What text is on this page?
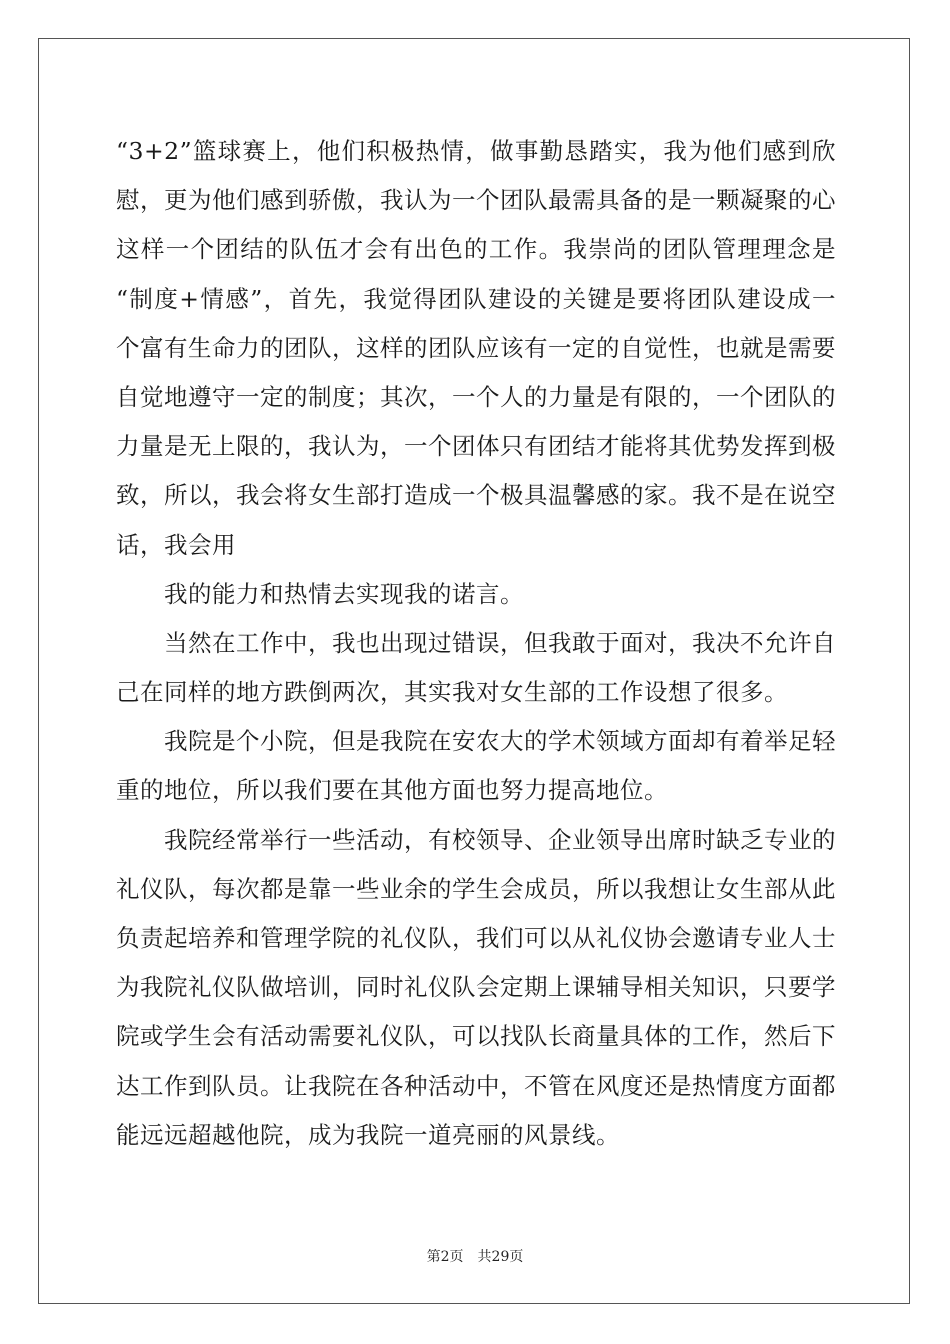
“3+2”篮球赛上，他们积极热情，做事勤恳踏实，我为他们感到欣
慰，更为他们感到骄傲，我认为一个团队最需具备的是一颗凝聚的心
这样一个团结的队伍才会有出色的工作。我崇尚的团队管理理念是
“制度+情感”，首先，我觉得团队建设的关键是要将团队建设成一
个富有生命力的团队，这样的团队应该有一定的自觉性，也就是需要
自觉地遵守一定的制度；其次，一个人的力量是有限的，一个团队的
力量是无上限的，我认为，一个团体只有团结才能将其优势发挥到极
致，所以，我会将女生部打造成一个极具温馨感的家。我不是在说空
话，我会用
我的能力和热情去实现我的诺言。
当然在工作中，我也出现过错误，但我敢于面对，我决不允许自
己在同样的地方跌倒两次，其实我对女生部的工作设想了很多。
我院是个小院，但是我院在安农大的学术领域方面却有着举足轻
重的地位，所以我们要在其他方面也努力提高地位。
我院经常举行一些活动，有校领导、企业领导出席时缺乏专业的
礼仪队，每次都是靠一些业余的学生会成员，所以我想让女生部从此
负责起培养和管理学院的礼仪队，我们可以从礼仪协会邀请专业人士
为我院礼仪队做培训，同时礼仪队会定期上课辅导相关知识，只要学
院或学生会有活动需要礼仪队，可以找队长商量具体的工作，然后下
达工作到队员。让我院在各种活动中，不管在风度还是热情度方面都
能远远超越他院，成为我院一道亮丽的风景线。
第2页 共29页
